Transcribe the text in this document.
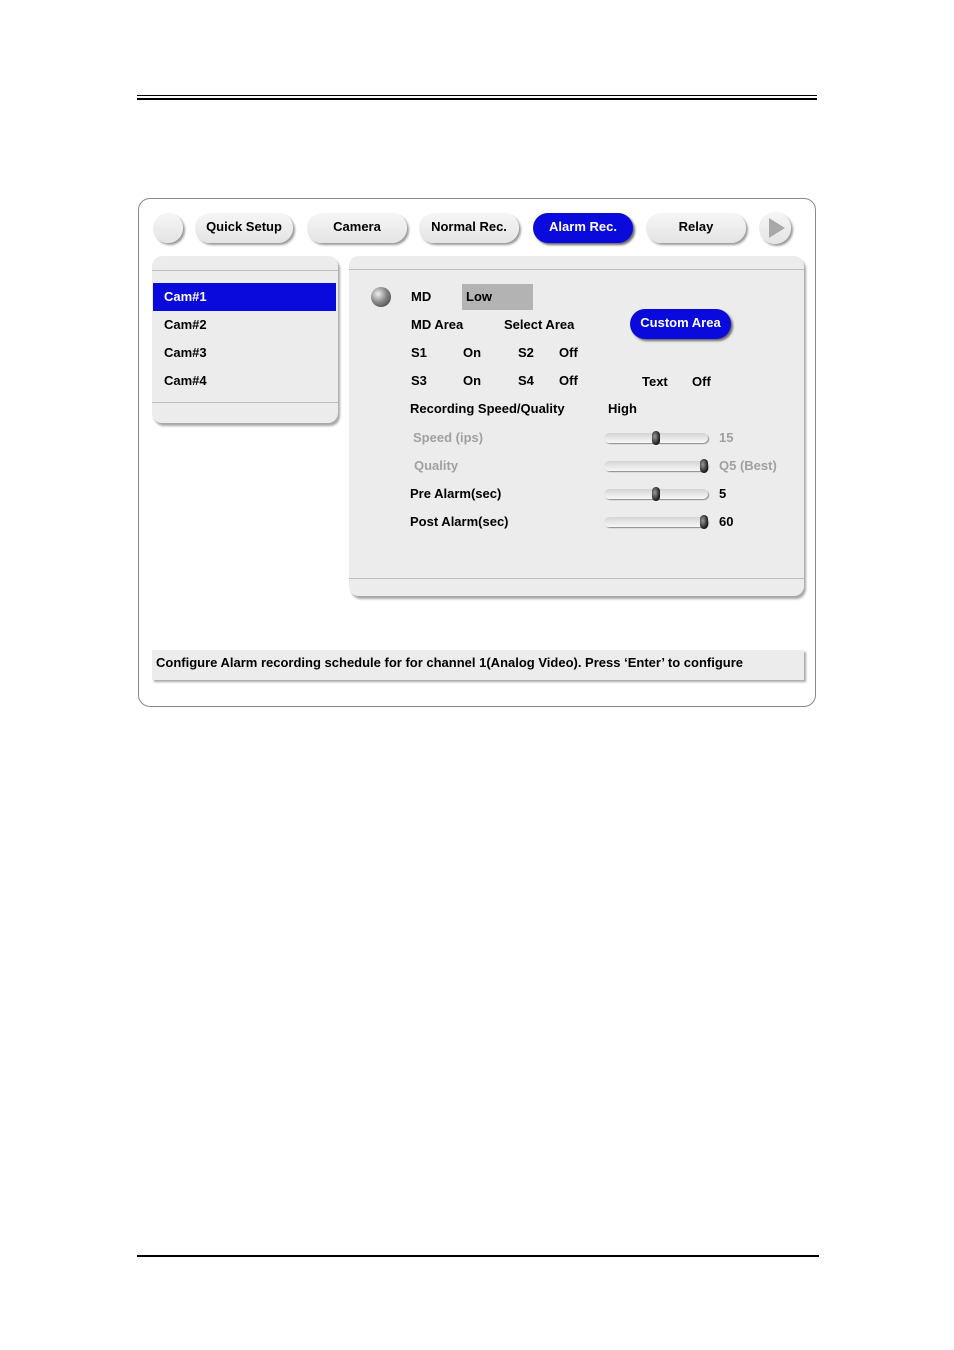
Quick Setup	Camera	Normal Rec.	Alarm Rec.	Relay
Cam#1
Cam#2
Cam#3
Cam#4
MD	Low
MD Area	Select Area	Custom Area
S1	On	S2 Off
S3	On	S4 Off	Text Off
Recording Speed/Quality	High
Speed (ips)	15
Quality	Q5 (Best)
Pre Alarm(sec)	5
Post Alarm(sec)	60
Configure Alarm recording schedule for for channel 1(Analog Video). Press ‘Enter’ to configure
